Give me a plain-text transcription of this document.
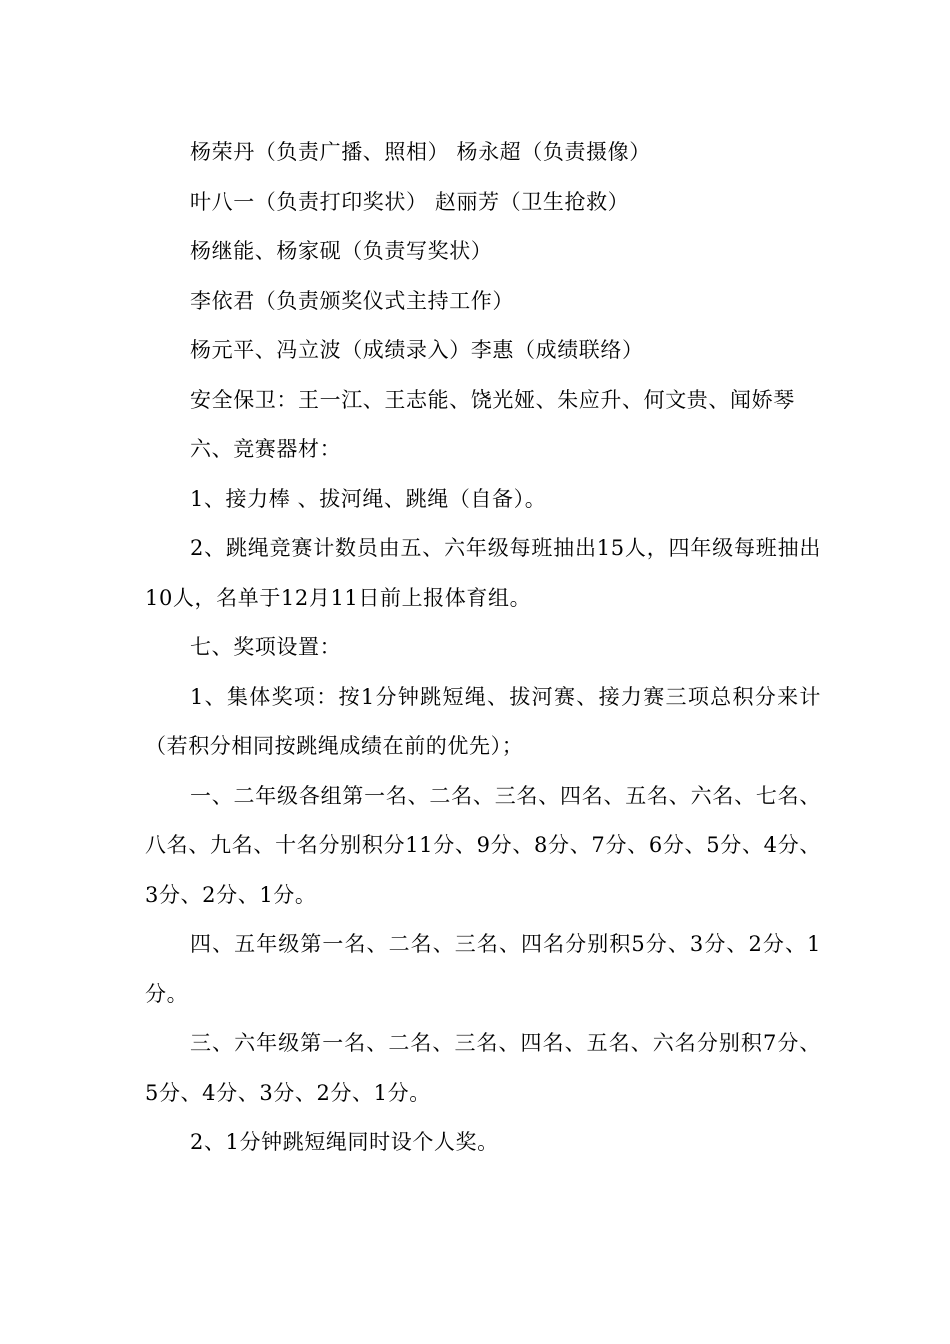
杨荣丹（负责广播、照相） 杨永超（负责摄像）

叶八一（负责打印奖状） 赵丽芳（卫生抢救）

杨继能、杨家砚（负责写奖状）

李依君（负责颁奖仪式主持工作）

杨元平、冯立波（成绩录入）李惠（成绩联络）

安全保卫：王一江、王志能、饶光娅、朱应升、何文贵、闻娇琴

六、竞赛器材：

1、接力棒 、拔河绳、跳绳（自备）。

2、跳绳竞赛计数员由五、六年级每班抽出15人，四年级每班抽出10人，名单于12月11日前上报体育组。

七、奖项设置：

1、集体奖项：按1分钟跳短绳、拔河赛、接力赛三项总积分来计（若积分相同按跳绳成绩在前的优先）；

一、二年级各组第一名、二名、三名、四名、五名、六名、七名、八名、九名、十名分别积分11分、9分、8分、7分、6分、5分、4分、3分、2分、1分。

四、五年级第一名、二名、三名、四名分别积5分、3分、2分、1分。

三、六年级第一名、二名、三名、四名、五名、六名分别积7分、5分、4分、3分、2分、1分。

2、1分钟跳短绳同时设个人奖。
